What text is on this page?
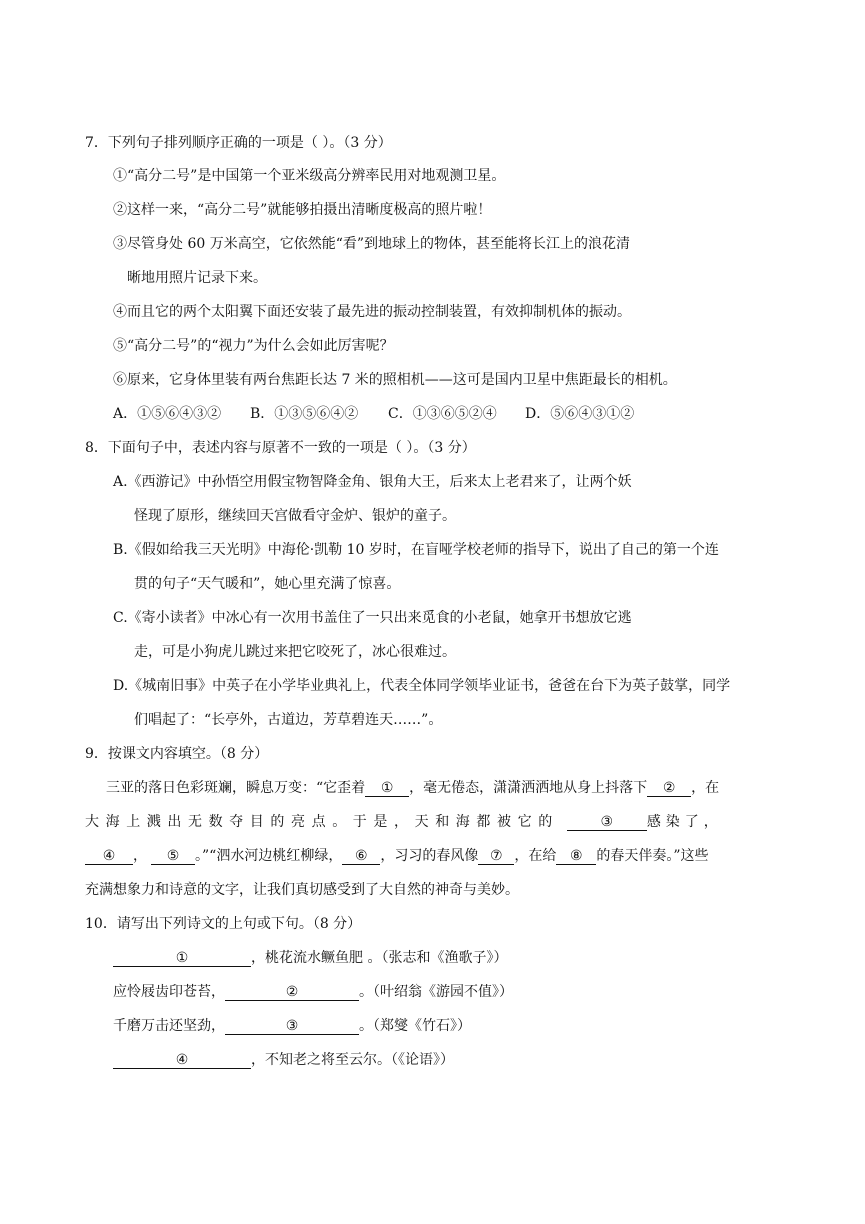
7．下列句子排列顺序正确的一项是（ ）。（3 分）
①“高分二号”是中国第一个亚米级高分辨率民用对地观测卫星。
②这样一来，“高分二号”就能够拍摄出清晰度极高的照片啦！
③尽管身处 60 万米高空，它依然能“看”到地球上的物体，甚至能将长江上的浪花清
晰地用照片记录下来。
④而且它的两个太阳翼下面还安装了最先进的振动控制装置，有效抑制机体的振动。
⑤“高分二号”的“视力”为什么会如此厉害呢？
⑥原来，它身体里装有两台焦距长达 7 米的照相机——这可是国内卫星中焦距最长的相机。
A．①⑤⑥④③② B．①③⑤⑥④② C．①③⑥⑤②④ D．⑤⑥④③①②
8．下面句子中，表述内容与原著不一致的一项是（ ）。（3 分）
A.《西游记》中孙悟空用假宝物智降金角、银角大王，后来太上老君来了，让两个妖
怪现了原形，继续回天宫做看守金炉、银炉的童子。
B.《假如给我三天光明》中海伦·凯勒 10 岁时，在盲哑学校老师的指导下，说出了自己的第一个连
贯的句子“天气暖和”，她心里充满了惊喜。
C.《寄小读者》中冰心有一次用书盖住了一只出来觅食的小老鼠，她拿开书想放它逃
走，可是小狗虎儿跳过来把它咬死了，冰心很难过。
D.《城南旧事》中英子在小学毕业典礼上，代表全体同学领毕业证书，爸爸在台下为英子鼓掌，同学
们唱起了：“长亭外，古道边，芳草碧连天……”。
9．按课文内容填空。（8 分）
三亚的落日色彩斑斓，瞬息万变：“它歪着 ① ，毫无倦态，潇潇洒洒地从身上抖落下 ② ，在
大海上溅出无数夺目的亮点。于是，天和海都被它的	③ 感染了，
④ ， ⑤ 。”“泗水河边桃红柳绿， ⑥ ，习习的春风像 ⑦ ，在给 ⑧ 的春天伴奏。”这些
充满想象力和诗意的文字，让我们真切感受到了大自然的神奇与美妙。
10．请写出下列诗文的上句或下句。（8 分）
①	，桃花流水鳜鱼肥 。（张志和《渔歌子》）
应怜屐齿印苍苔，	②	。（叶绍翁《游园不值》）
千磨万击还坚劲，	③	。（郑燮《竹石》）
④	，不知老之将至云尔。（《论语》）
